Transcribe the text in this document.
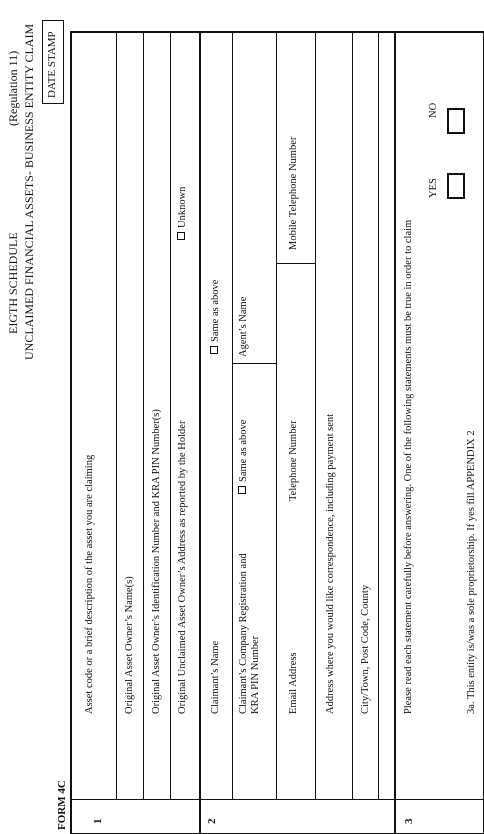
EIGTH SCHEDULE
(Regulation 11) UNCLAIMED FINANCIAL ASSETS- BUSINESS ENTITY CLAIM DATE STAMP
FORM 4C 1
Asset code or a brief description of the asset you are claiming	Original Asset Owner’s Name(s) Original Asset Owner’s Identification Number and KRA PIN Number(s) Original Unclaimed Asset Owner’s Address as reported by the Holder
Unknown
2
Claimant’s Name
Same as above
Claimant’s Company Registration and KRA PIN Number
Same as above
Agent’s Name
Email Address
Telephone Number
Mobile Telephone Number
Address where you would like correspondence, including payment sent City/Town, Post Code, County
3
Please read each statement carefully before answering. One of the following statements must be true in order to claim
YES
NO
3a. This entity is/was a sole proprietorship. If yes fill APPENDIX 2
